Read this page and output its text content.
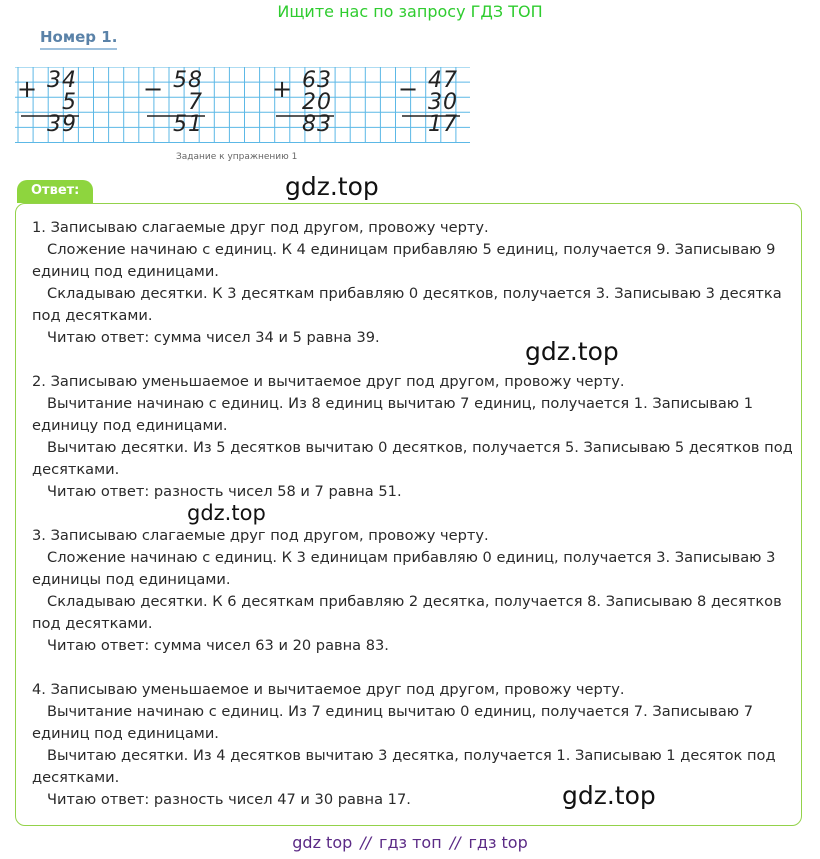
Ищите нас по запросу ГДЗ ТОП
Номер 1.
+ 4
3
5
9
3
− 8
5
7
1
5
+ 3
6
0
2
3
8
− 7
4
0
3
7
1
Задание к упражнению 1
Ответ:

1. Записываю слагаемые друг под другом, провожу черту.

Сложение начинаю с единиц. К 4 единицам прибавляю 5 единиц, получается 9. Записываю 9 единиц под единицами.

Складываю десятки. К 3 десяткам прибавляю 0 десятков, получается 3. Записываю 3 десятка под десятками.

Читаю ответ: сумма чисел 34 и 5 равна 39.

2. Записываю уменьшаемое и вычитаемое друг под другом, провожу черту.

Вычитание начинаю с единиц. Из 8 единиц вычитаю 7 единиц, получается 1. Записываю 1 единицу под единицами.

Вычитаю десятки. Из 5 десятков вычитаю 0 десятков, получается 5. Записываю 5 десятков под десятками.

Читаю ответ: разность чисел 58 и 7 равна 51.

3. Записываю слагаемые друг под другом, провожу черту.

Сложение начинаю с единиц. К 3 единицам прибавляю 0 единиц, получается 3. Записываю 3 единицы под единицами.

Складываю десятки. К 6 десяткам прибавляю 2 десятка, получается 8. Записываю 8 десятков под десятками.

Читаю ответ: сумма чисел 63 и 20 равна 83.

4. Записываю уменьшаемое и вычитаемое друг под другом, провожу черту.

Вычитание начинаю с единиц. Из 7 единиц вычитаю 0 единиц, получается 7. Записываю 7 единиц под единицами.

Вычитаю десятки. Из 4 десятков вычитаю 3 десятка, получается 1. Записываю 1 десяток под десятками.

Читаю ответ: разность чисел 47 и 30 равна 17.

gdz.top
gdz.top
gdz.top
gdz.top
gdz top // гдз топ // гдз top
